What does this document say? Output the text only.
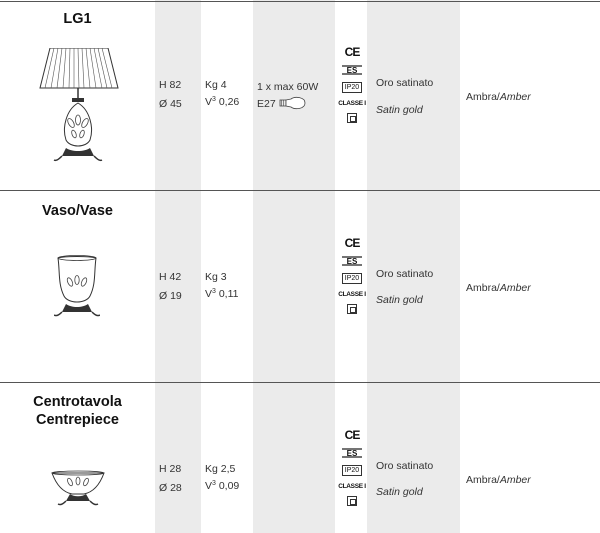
LG1
H 82
Ø 45
Kg 4
$V^3$ 0,26
1 x max 60W
E27
CE
ES
IP20
CLASSE I
Oro satinato
Satin gold
Ambra/Amber
Vaso/Vase
H 42
Ø 19
Kg 3
$V^3$ 0,11
CE
ES
IP20
CLASSE I
Oro satinato
Satin gold
Ambra/Amber
Centrotavola
Centrepiece
H 28
Ø 28
Kg 2,5
$V^3$ 0,09
CE
ES
IP20
CLASSE I
Oro satinato
Satin gold
Ambra/Amber
